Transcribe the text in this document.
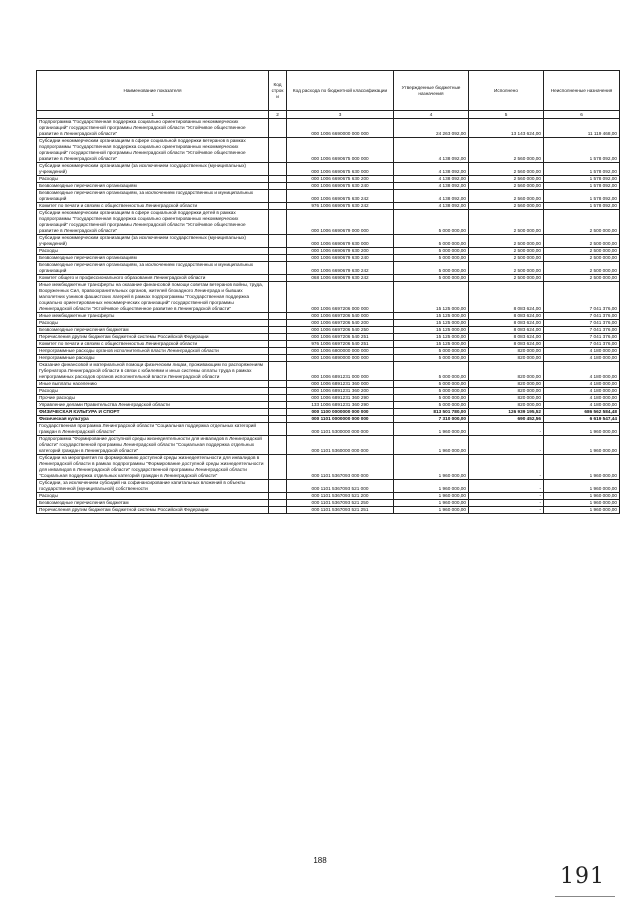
Наименование показателя	Код строк и	Код расхода по бюджетной классификации	Утвержденные бюджетные назначения	Исполнено	Неисполненные назначения
1	2	3	4	5	6
Подпрограмма "Государственная поддержка социально ориентированных некоммерческих организаций" государственной программы Ленинградской области "Устойчивое общественное развитие в Ленинградской области"		000 1006 6690000 000 000	24 263 092,00	13 143 624,00	11 119 468,00
Субсидии некоммерческим организациям в сфере социальной поддержки ветеранов в рамках подпрограммы "Государственная поддержка социально ориентированных некоммерческих организаций" государственной программы Ленинградской области "Устойчивое общественное развитие в Ленинградской области"		000 1006 6690675 000 000	4 138 092,00	2 560 000,00	1 578 092,00
Субсидии некоммерческим организациям (за исключением государственных (муниципальных) учреждений)		000 1006 6690675 630 000	4 138 092,00	2 560 000,00	1 578 092,00
Расходы		000 1006 6690675 630 200	4 138 092,00	2 560 000,00	1 578 092,00
Безвозмездные перечисления организациям		000 1006 6690675 630 240	4 138 092,00	2 560 000,00	1 578 092,00
Безвозмездные перечисления организациям, за исключением государственных и муниципальных организаций		000 1006 6690675 630 242	4 138 092,00	2 560 000,00	1 578 092,00
Комитет по печати и связям с общественностью Ленинградской области		976 1006 6690675 630 242	4 138 092,00	2 560 000,00	1 578 092,00
Субсидии некоммерческим организациям в сфере социальной поддержки детей в рамках подпрограммы "Государственная поддержка социально ориентированных некоммерческих организаций" государственной программы Ленинградской области "Устойчивое общественное развитие в Ленинградской области"		000 1006 6690679 000 000	5 000 000,00	2 500 000,00	2 500 000,00
Субсидии некоммерческим организациям (за исключением государственных (муниципальных) учреждений)		000 1006 6690679 630 000	5 000 000,00	2 500 000,00	2 500 000,00
Расходы		000 1006 6690679 630 200	5 000 000,00	2 500 000,00	2 500 000,00
Безвозмездные перечисления организациям		000 1006 6690679 630 240	5 000 000,00	2 500 000,00	2 500 000,00
Безвозмездные перечисления организациям, за исключением государственных и муниципальных организаций		000 1006 6690679 630 242	5 000 000,00	2 500 000,00	2 500 000,00
Комитет общего и профессионального образования Ленинградской области		068 1006 6690679 630 242	5 000 000,00	2 500 000,00	2 500 000,00
Иные межбюджетные трансферты на оказание финансовой помощи советам ветеранов войны, труда, Вооруженных Сил, правоохранительных органов, жителей блокадного Ленинграда и бывших малолетних узников фашистских лагерей в рамках подпрограммы "Государственная поддержка социально ориентированных некоммерческих организаций" государственной программы Ленинградской области "Устойчивое общественное развитие в Ленинградской области"		000 1006 6697206 000 000	15 125 000,00	8 083 624,00	7 041 376,00
Иные межбюджетные трансферты		000 1006 6697206 540 000	15 125 000,00	8 083 624,00	7 041 376,00
Расходы		000 1006 6697206 540 200	15 125 000,00	8 083 624,00	7 041 376,00
Безвозмездные перечисления бюджетам		000 1006 6697206 540 250	15 125 000,00	8 083 624,00	7 041 376,00
Перечисления другим бюджетам бюджетной системы Российской Федерации		000 1006 6697206 540 251	15 125 000,00	8 083 624,00	7 041 376,00
Комитет по печати и связям с общественностью Ленинградской области		976 1006 6697206 540 251	15 125 000,00	8 083 624,00	7 041 376,00
Непрограммные расходы органов исполнительной власти Ленинградской области		000 1006 6800000 000 000	5 000 000,00	820 000,00	4 180 000,00
Непрограммные расходы		000 1006 6890000 000 000	5 000 000,00	820 000,00	4 180 000,00
Оказание финансовой и материальной помощи физическим лицам, проживающим по распоряжениям Губернатора Ленинградской области в связи с юбилеями и иных системы оплаты труда в рамках непрограммных расходов органов исполнительной власти Ленинградской области		000 1006 6891231 000 000	5 000 000,00	820 000,00	4 180 000,00
Иные выплаты населению		000 1006 6891231 360 000	5 000 000,00	820 000,00	4 180 000,00
Расходы		000 1006 6891231 360 200	5 000 000,00	820 000,00	4 180 000,00
Прочие расходы		000 1006 6891231 360 290	5 000 000,00	820 000,00	4 180 000,00
Управление делами Правительства Ленинградской области		133 1006 6891231 360 290	5 000 000,00	820 000,00	4 180 000,00
ФИЗИЧЕСКАЯ КУЛЬТУРА И СПОРТ		000 1100 0000000 000 000	813 501 780,00	126 939 195,52	686 562 584,48
Физическая культура		000 1101 0000000 000 000	7 310 000,00	690 452,56	6 619 547,44
Государственная программа Ленинградской области "Социальная поддержка отдельных категорий граждан в Ленинградской области"		000 1101 5300000 000 000	1 960 000,00	-	1 960 000,00
Подпрограмма "Формирование доступной среды жизнедеятельности для инвалидов в Ленинградской области" государственной программы Ленинградской области "Социальная поддержка отдельных категорий граждан в Ленинградской области"		000 1101 5360000 000 000	1 960 000,00	-	1 960 000,00
Субсидии на мероприятия по формированию доступной среды жизнедеятельности для инвалидов в Ленинградской области в рамках подпрограммы "Формирование доступной среды жизнедеятельности для инвалидов в Ленинградской области" государственной программы Ленинградской области "Социальная поддержка отдельных категорий граждан в Ленинградской области"		000 1101 5367093 000 000	1 960 000,00	-	1 960 000,00
Субсидии, за исключением субсидий на софинансирование капитальных вложений в объекты государственной (муниципальной) собственности		000 1101 5367093 521 000	1 960 000,00	-	1 960 000,00
Расходы		000 1101 5367093 521 200	1 960 000,00	-	1 960 000,00
Безвозмездные перечисления бюджетам		000 1101 5367093 521 250	1 960 000,00	-	1 960 000,00
Перечисления другим бюджетам бюджетной системы Российской Федерации		000 1101 5367093 521 251	1 960 000,00	-	1 960 000,00
188
191
